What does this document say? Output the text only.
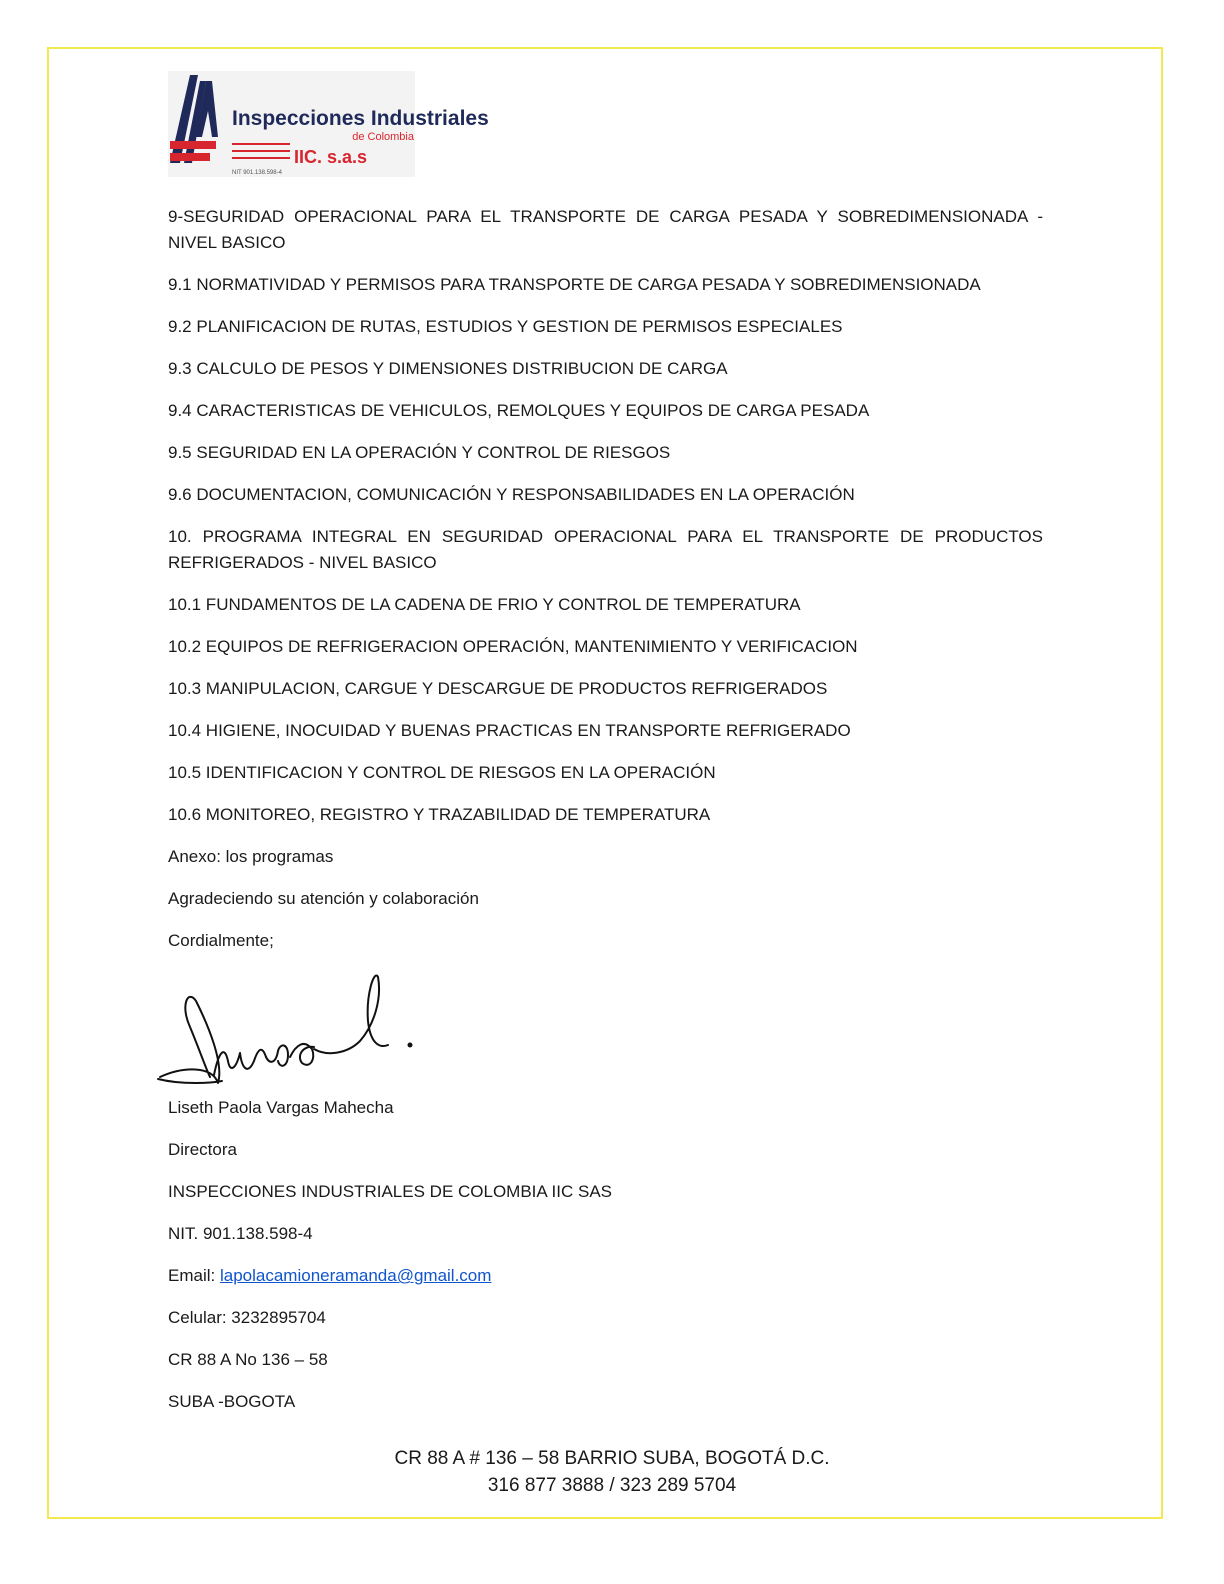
Inspecciones Industriales
de Colombia
IIC. s.a.s
NIT 901.138.598-4

9-SEGURIDAD OPERACIONAL PARA EL TRANSPORTE DE CARGA PESADA Y SOBREDIMENSIONADA - NIVEL BASICO

9.1 NORMATIVIDAD Y PERMISOS PARA TRANSPORTE DE CARGA PESADA Y SOBREDIMENSIONADA

9.2 PLANIFICACION DE RUTAS, ESTUDIOS Y GESTION DE PERMISOS ESPECIALES

9.3 CALCULO DE PESOS Y DIMENSIONES DISTRIBUCION DE CARGA

9.4 CARACTERISTICAS DE VEHICULOS, REMOLQUES Y EQUIPOS DE CARGA PESADA

9.5 SEGURIDAD EN LA OPERACIÓN Y CONTROL DE RIESGOS

9.6 DOCUMENTACION, COMUNICACIÓN Y RESPONSABILIDADES EN LA OPERACIÓN

10. PROGRAMA INTEGRAL EN SEGURIDAD OPERACIONAL PARA EL TRANSPORTE DE PRODUCTOS REFRIGERADOS - NIVEL BASICO

10.1 FUNDAMENTOS DE LA CADENA DE FRIO Y CONTROL DE TEMPERATURA

10.2 EQUIPOS DE REFRIGERACION OPERACIÓN, MANTENIMIENTO Y VERIFICACION

10.3 MANIPULACION, CARGUE Y DESCARGUE DE PRODUCTOS REFRIGERADOS

10.4 HIGIENE, INOCUIDAD Y BUENAS PRACTICAS EN TRANSPORTE REFRIGERADO

10.5 IDENTIFICACION Y CONTROL DE RIESGOS EN LA OPERACIÓN

10.6 MONITOREO, REGISTRO Y TRAZABILIDAD DE TEMPERATURA

Anexo: los programas

Agradeciendo su atención y colaboración

Cordialmente;

Liseth Paola Vargas Mahecha

Directora

INSPECCIONES INDUSTRIALES DE COLOMBIA IIC SAS

NIT. 901.138.598-4

Email: lapolacamioneramanda@gmail.com

Celular: 3232895704

CR 88 A No 136 – 58

SUBA -BOGOTA

CR 88 A # 136 – 58 BARRIO SUBA, BOGOTÁ D.C.
316 877 3888 / 323 289 5704
